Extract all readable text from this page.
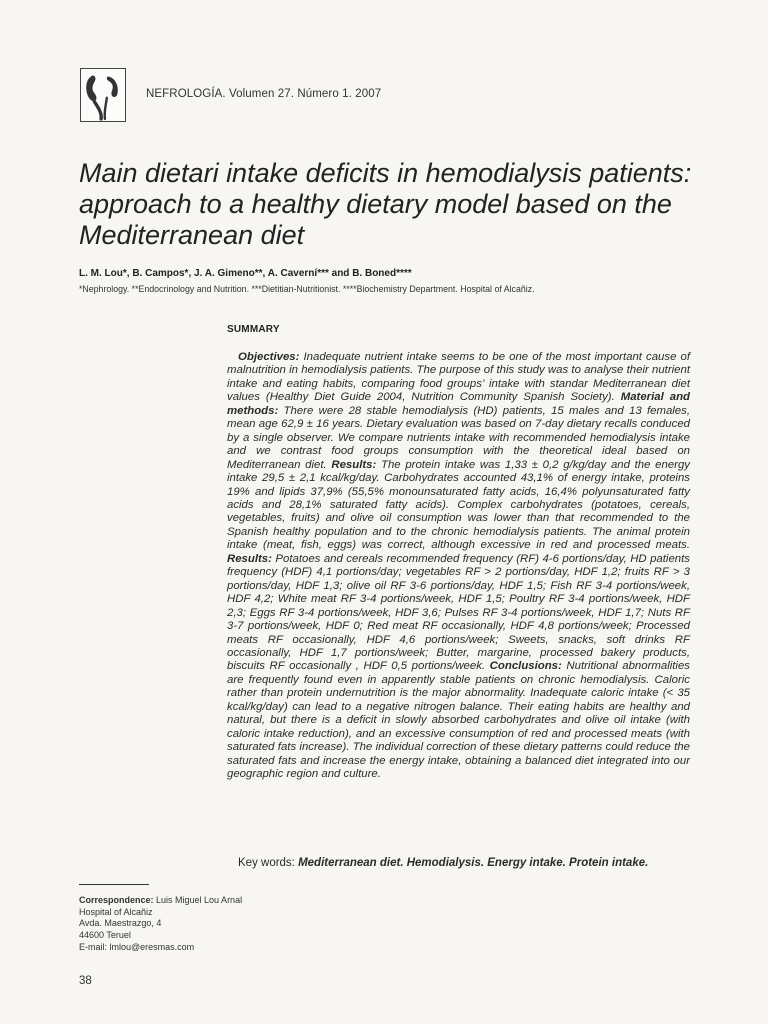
NEFROLOGÍA. Volumen 27. Número 1. 2007
Main dietari intake deficits in hemodialysis patients: approach to a healthy dietary model based on the Mediterranean diet
L. M. Lou*, B. Campos*, J. A. Gimeno**, A. Caverní*** and B. Boned****
*Nephrology. **Endocrinology and Nutrition. ***Dietitian-Nutritionist. ****Biochemistry Department. Hospital of Alcañiz.
SUMMARY

Objectives: Inadequate nutrient intake seems to be one of the most important cause of malnutrition in hemodialysis patients. The purpose of this study was to analyse their nutrient intake and eating habits, comparing food groups’ intake with standar Mediterranean diet values (Healthy Diet Guide 2004, Nutrition Community Spanish Society). Material and methods: There were 28 stable hemodialysis (HD) patients, 15 males and 13 females, mean age 62,9 ± 16 years. Dietary evaluation was based on 7-day dietary recalls conduced by a single observer. We compare nutrients intake with recommended hemodialysis intake and we contrast food groups consumption with the theoretical ideal based on Mediterranean diet. Results: The protein intake was 1,33 ± 0,2 g/kg/day and the energy intake 29,5 ± 2,1 kcal/kg/day. Carbohydrates accounted 43,1% of energy intake, proteins 19% and lipids 37,9% (55,5% monounsaturated fatty acids, 16,4% polyunsaturated fatty acids and 28,1% saturated fatty acids). Complex carbohydrates (potatoes, cereals, vegetables, fruits) and olive oil consumption was lower than that recommended to the Spanish healthy population and to the chronic hemodialysis patients. The animal protein intake (meat, fish, eggs) was correct, although excessive in red and processed meats. Results: Potatoes and cereals recommended frequency (RF) 4-6 portions/day, HD patients frequency (HDF) 4,1 portions/day; vegetables RF > 2 portions/day, HDF 1,2; fruits RF > 3 portions/day, HDF 1,3; olive oil RF 3-6 portions/day, HDF 1,5; Fish RF 3-4 portions/week, HDF 4,2; White meat RF 3-4 portions/week, HDF 1,5; Poultry RF 3-4 portions/week, HDF 2,3; Eggs RF 3-4 portions/week, HDF 3,6; Pulses RF 3-4 portions/week, HDF 1,7; Nuts RF 3-7 portions/week, HDF 0; Red meat RF occasionally, HDF 4,8 portions/week; Processed meats RF occasionally, HDF 4,6 portions/week; Sweets, snacks, soft drinks RF occasionally, HDF 1,7 portions/week; Butter, margarine, processed bakery products, biscuits RF occasionally , HDF 0,5 portions/week. Conclusions: Nutritional abnormalities are frequently found even in apparently stable patients on chronic hemodialysis. Caloric rather than protein undernutrition is the major abnormality. Inadequate caloric intake (< 35 kcal/kg/day) can lead to a negative nitrogen balance. Their eating habits are healthy and natural, but there is a deficit in slowly absorbed carbohydrates and olive oil intake (with caloric intake reduction), and an excessive consumption of red and processed meats (with saturated fats increase). The individual correction of these dietary patterns could reduce the saturated fats and increase the energy intake, obtaining a balanced diet integrated into our geographic region and culture.

Key words: Mediterranean diet. Hemodialysis. Energy intake. Protein intake.
Correspondence: Luis Miguel Lou Arnal
Hospital of Alcañiz
Avda. Maestrazgo, 4
44600 Teruel
E-mail: lmlou@eresmas.com
38
